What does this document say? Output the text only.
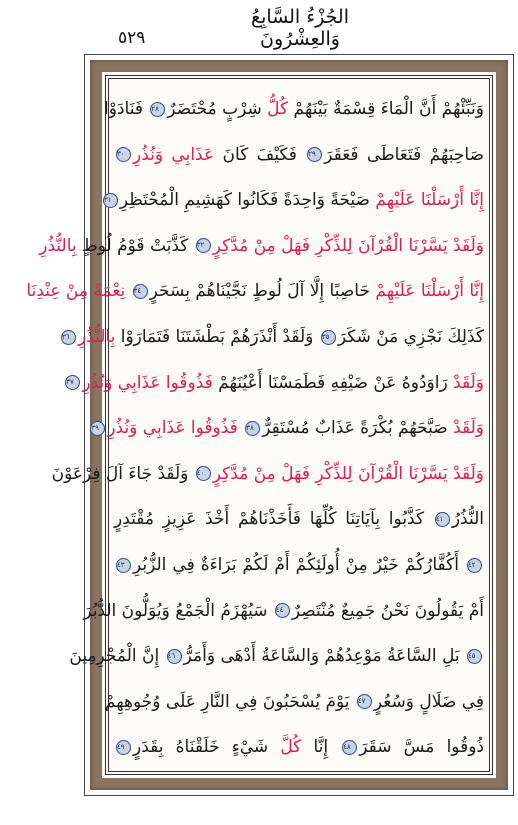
٥٢٩
الجُزْءُ السَّابِعُ وَالعِشْرُونَ
وَنَبِّئْهُمْ أَنَّ الْمَاءَ قِسْمَةٌ بَيْنَهُمْ كُلُّ شِرْبٍ مُحْتَضَرٌ٢٨ فَنَادَوْا
صَاحِبَهُمْ فَتَعَاطَى فَعَقَرَ٢٩ فَكَيْفَ كَانَ عَذَابِي وَنُذُرِ٣٠
إِنَّا أَرْسَلْنَا عَلَيْهِمْ صَيْحَةً وَاحِدَةً فَكَانُوا كَهَشِيمِ الْمُحْتَظِرِ٣١
وَلَقَدْ يَسَّرْنَا الْقُرْآنَ لِلذِّكْرِ فَهَلْ مِنْ مُدَّكِرٍ٣٢ كَذَّبَتْ قَوْمُ لُوطٍ بِالنُّذُرِ
إِنَّا أَرْسَلْنَا عَلَيْهِمْ حَاصِبًا إِلَّا آلَ لُوطٍ نَجَّيْنَاهُمْ بِسَحَرٍ٣٤ نِعْمَةً مِنْ عِنْدِنَا
كَذَلِكَ نَجْزِي مَنْ شَكَرَ٣٥ وَلَقَدْ أَنْذَرَهُمْ بَطْشَتَنَا فَتَمَارَوْا بِالنُّذُرِ٣٦
وَلَقَدْ رَاوَدُوهُ عَنْ ضَيْفِهِ فَطَمَسْنَا أَعْيُنَهُمْ فَذُوقُوا عَذَابِي وَنُذُرِ٣٧
وَلَقَدْ صَبَّحَهُمْ بُكْرَةً عَذَابٌ مُسْتَقِرٌّ٣٨ فَذُوقُوا عَذَابِي وَنُذُرِ٣٩
وَلَقَدْ يَسَّرْنَا الْقُرْآنَ لِلذِّكْرِ فَهَلْ مِنْ مُدَّكِرٍ٤٠ وَلَقَدْ جَاءَ آلَ فِرْعَوْنَ
النُّذُرُ٤١ كَذَّبُوا بِآيَاتِنَا كُلِّهَا فَأَخَذْنَاهُمْ أَخْذَ عَزِيزٍ مُقْتَدِرٍ
٤٢ أَكُفَّارُكُمْ خَيْرٌ مِنْ أُولَئِكُمْ أَمْ لَكُمْ بَرَاءَةٌ فِي الزُّبُرِ٤٣
أَمْ يَقُولُونَ نَحْنُ جَمِيعٌ مُنْتَصِرٌ٤٤ سَيُهْزَمُ الْجَمْعُ وَيُوَلُّونَ الدُّبُرَ
٤٥ بَلِ السَّاعَةُ مَوْعِدُهُمْ وَالسَّاعَةُ أَدْهَى وَأَمَرُّ٤٦ إِنَّ الْمُجْرِمِينَ
فِي ضَلَالٍ وَسُعُرٍ٤٧ يَوْمَ يُسْحَبُونَ فِي النَّارِ عَلَى وُجُوهِهِمْ
ذُوقُوا مَسَّ سَقَرَ٤٨ إِنَّا كُلَّ شَيْءٍ خَلَقْنَاهُ بِقَدَرٍ٤٩
